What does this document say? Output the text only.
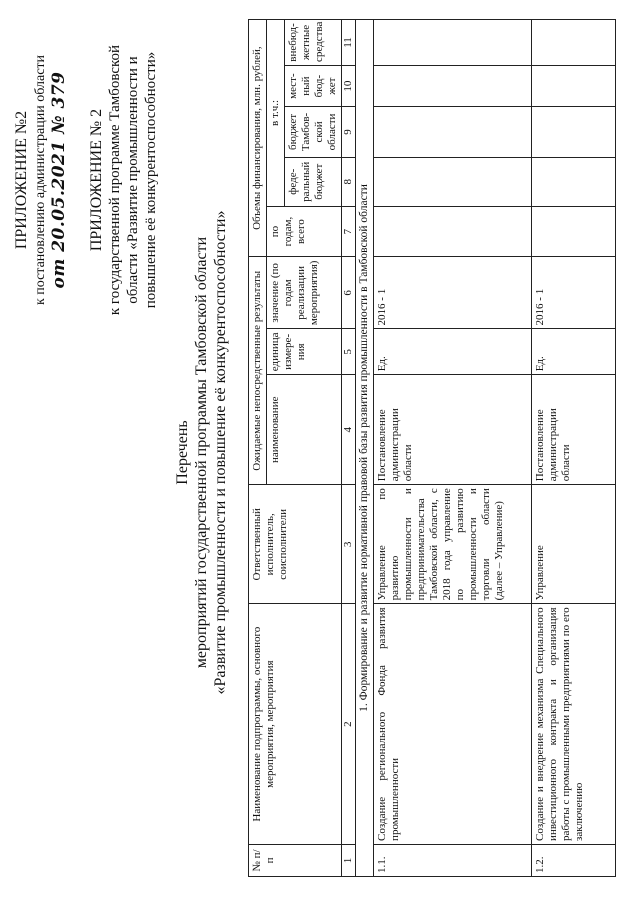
ПРИЛОЖЕНИЕ №2 к постановлению администрации области от 20.05.2021 № 379 ПРИЛОЖЕНИЕ № 2 к государственной программе Тамбовской области «Развитие промышленности и повышение её конкурентоспособности»
Перечень мероприятий государственной программы Тамбовской области «Развитие промышленности и повышение её конкурентоспособности»
№ п/п	Наименование подпрограммы, основного мероприятия, мероприятия	Ответственный исполнитель, соисполнители	Ожидаемые непосредственные результаты			Объемы финансирования, млн. рублей,				
			наименование	единица измере-ния	значение (по годам реализации мероприятия)	по годам, всего	в т.ч.:			
							феде-ральный бюджет	бюджет Тамбов-ской области	мест-ный бюд-жет	внебюд-жетные средства
1	2	3	4	5	6	7	8	9	10	11
1. Формирование и развитие нормативной правовой базы развития промышленности в Тамбовской области										
1.1.	Создание регионального Фонда развития промышленности	Управление по развитию промышленности и предпринимательства Тамбовской области, с 2018 года управление по развитию промышленности и торговли области (далее – Управление)	Постановление администрации области	Ед.	2016 - 1					
1.2.	Создание и внедрение механизма Специального инвестиционного контракта и организация работы с промышленными предприятиями по его заключению	Управление	Постановление администрации области	Ед.	2016 - 1					
